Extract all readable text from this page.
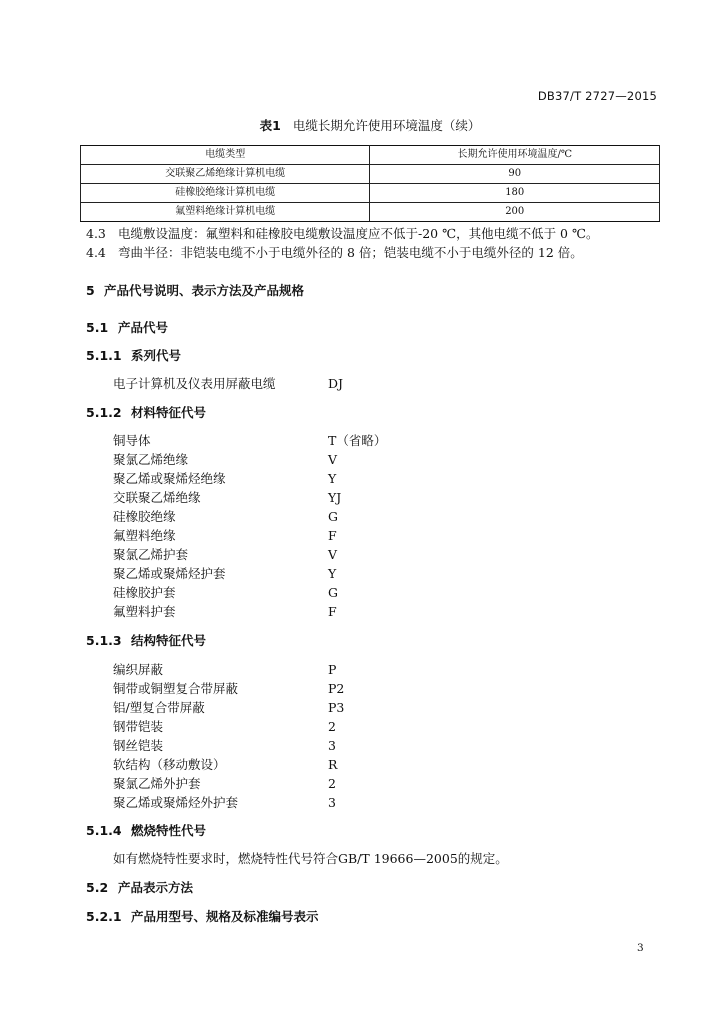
DB37/T 2727—2015
表1 电缆长期允许使用环境温度（续）
电缆类型	长期允许使用环境温度/℃
交联聚乙烯绝缘计算机电缆	90
硅橡胶绝缘计算机电缆	180
氟塑料绝缘计算机电缆	200
4.3 电缆敷设温度：氟塑料和硅橡胶电缆敷设温度应不低于-20 ℃，其他电缆不低于 0 ℃。
4.4 弯曲半径：非铠装电缆不小于电缆外径的 8 倍；铠装电缆不小于电缆外径的 12 倍。
5 产品代号说明、表示方法及产品规格
5.1 产品代号
5.1.1 系列代号
电子计算机及仪表用屏蔽电缆	DJ
5.1.2 材料特征代号
铜导体	T（省略）
聚氯乙烯绝缘	V
聚乙烯或聚烯烃绝缘	Y
交联聚乙烯绝缘	YJ
硅橡胶绝缘	G
氟塑料绝缘	F
聚氯乙烯护套	V
聚乙烯或聚烯烃护套	Y
硅橡胶护套	G
氟塑料护套	F
5.1.3 结构特征代号
编织屏蔽	P
铜带或铜塑复合带屏蔽	P2
铝/塑复合带屏蔽	P3
钢带铠装	2
钢丝铠装	3
软结构（移动敷设）	R
聚氯乙烯外护套	2
聚乙烯或聚烯烃外护套	3
5.1.4 燃烧特性代号
如有燃烧特性要求时，燃烧特性代号符合GB/T 19666—2005的规定。
5.2 产品表示方法
5.2.1 产品用型号、规格及标准编号表示
3
